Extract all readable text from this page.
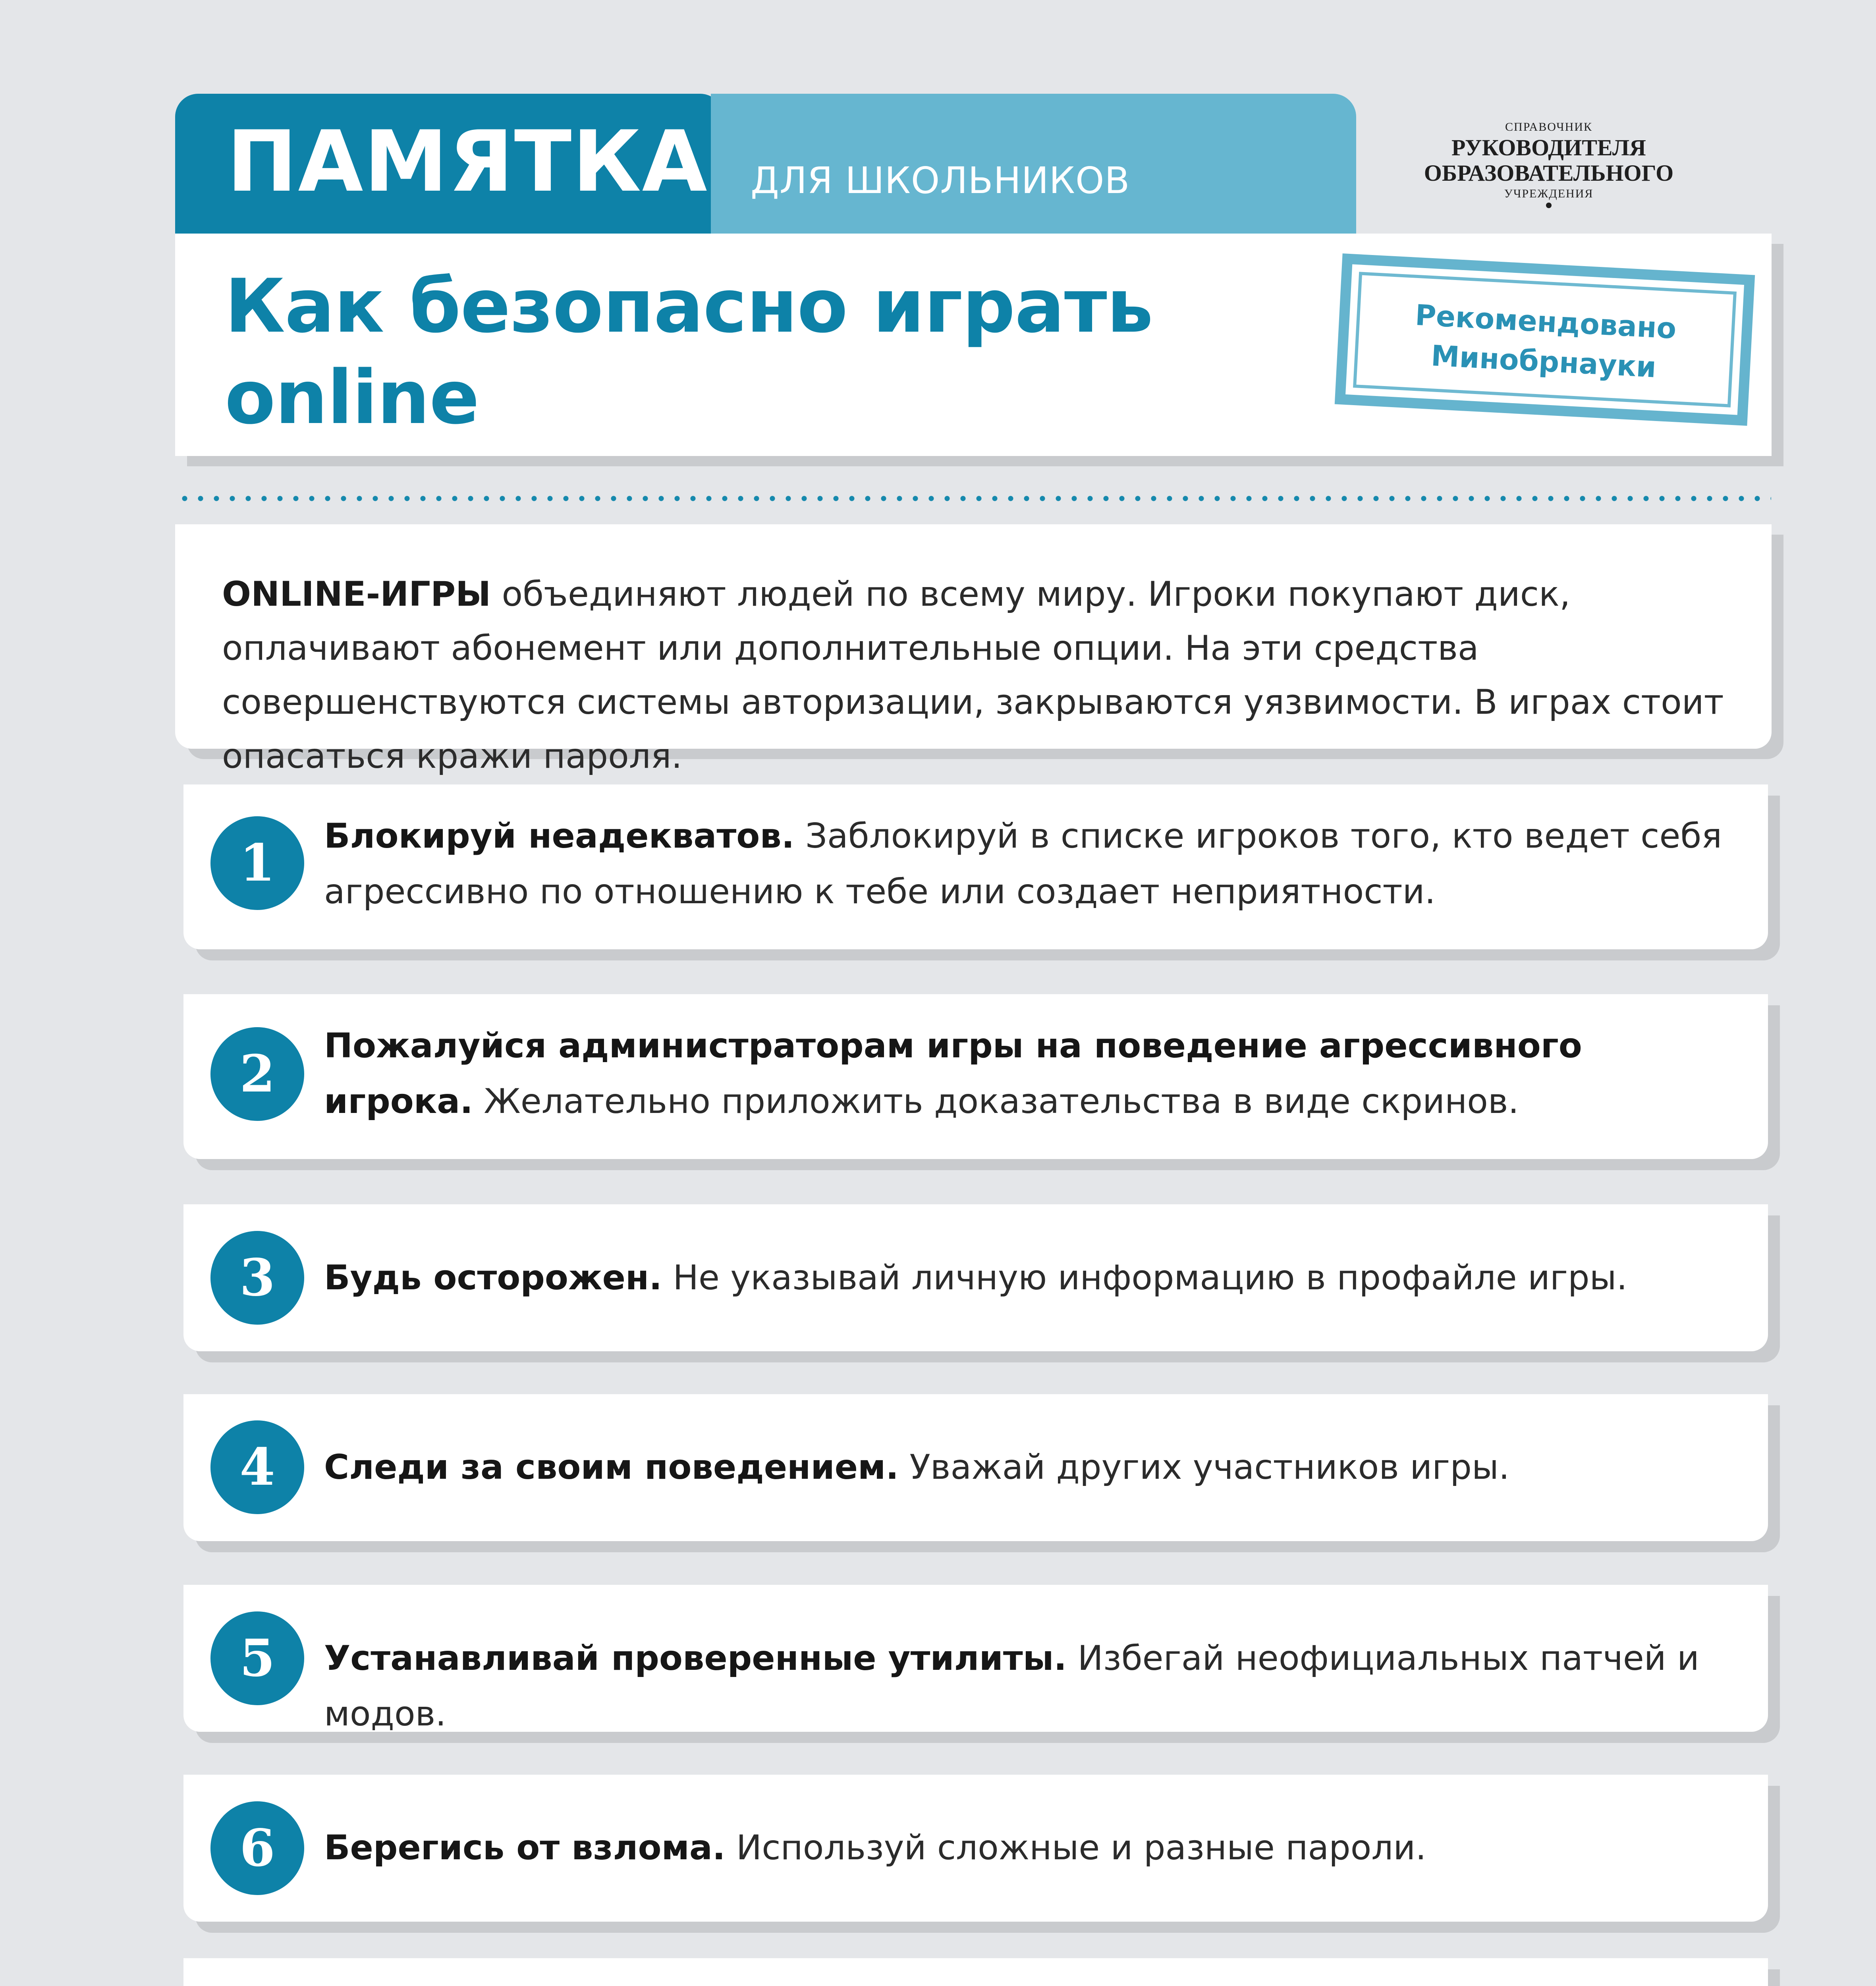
ПАМЯТКА ДЛЯ ШКОЛЬНИКОВ
СПРАВОЧНИК
РУКОВОДИТЕЛЯ
ОБРАЗОВАТЕЛЬНОГО
УЧРЕЖДЕНИЯ
Как безопасно играть
online
Рекомендовано
Минобрнауки
ONLINE-ИГРЫ объединяют людей по всему миру. Игроки покупают диск, оплачивают абонемент или дополнительные опции. На эти средства совершенствуются системы авторизации, закрываются уязвимости. В играх стоит опасаться кражи пароля.
1	Блокируй неадекватов. Заблокируй в списке игроков того, кто ведет себя агрессивно по отношению к тебе или создает неприятности.
2	Пожалуйся администраторам игры на поведение агрессивного игрока. Желательно приложить доказательства в виде скринов.
3	Будь осторожен. Не указывай личную информацию в профайле игры.
4	Следи за своим поведением. Уважай других участников игры.
5	Устанавливай проверенные утилиты. Избегай неофициальных патчей и модов.
6	Берегись от взлома. Используй сложные и разные пароли.
